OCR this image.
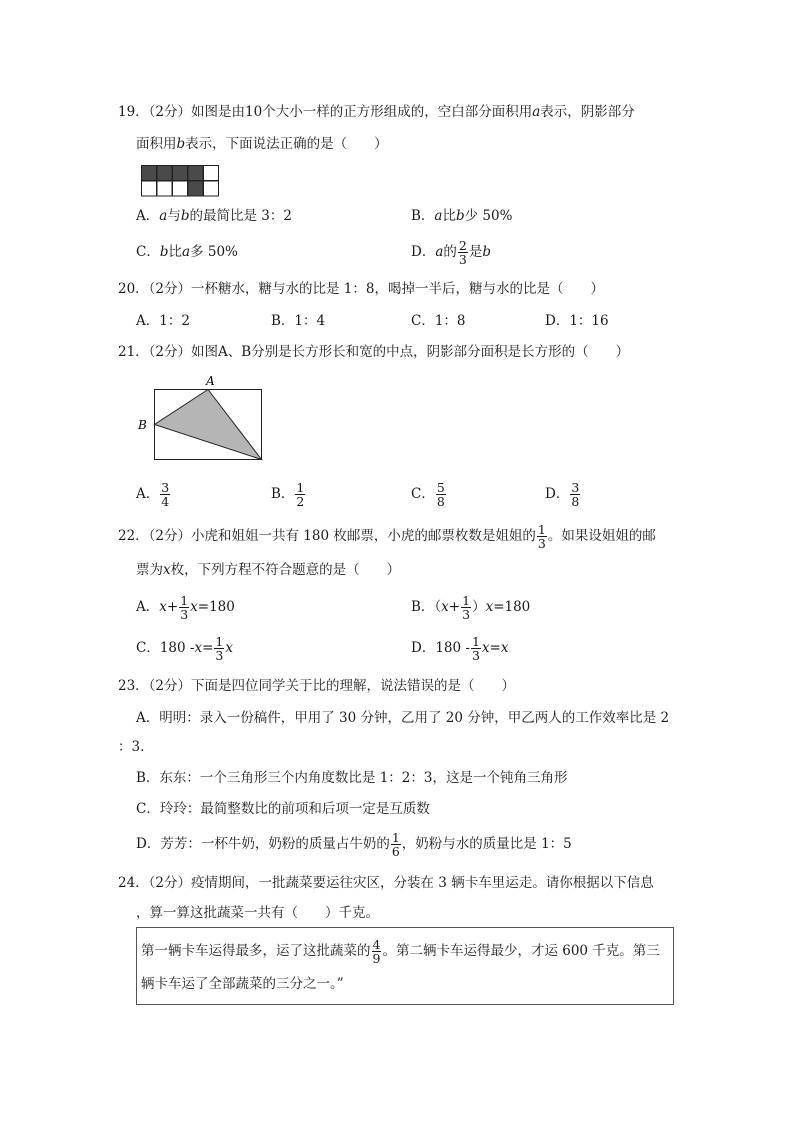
19．（2分）如图是由10个大小一样的正方形组成的，空白部分面积用a表示，阴影部分
面积用b表示，下面说法正确的是（　　）
A．a与b的最简比是 3：2	B．a比b少 50%
C．b比a多 50%	D．a的 $\frac{2}{3}$ 是b
20．（2分）一杯糖水，糖与水的比是 1：8，喝掉一半后，糖与水的比是（　　）
A．1：2	B．1：4	C．1：8	D．1：16
21．（2分）如图A、B分别是长方形长和宽的中点，阴影部分面积是长方形的（　　）
A
B
A． $\frac{3}{4}$	B． $\frac{1}{2}$	C． $\frac{5}{8}$	D． $\frac{3}{8}$
22．（2分）小虎和姐姐一共有 180 枚邮票，小虎的邮票枚数是姐姐的 $\frac{1}{3}$ 。如果设姐姐的邮
票为x枚，下列方程不符合题意的是（　　）
A．$x+ \frac{1}{3} x=180$	B．$(x+ \frac{1}{3} )x=180$
C．180 $-x= \frac{1}{3}$ x	D．$180 - \frac{1}{3} x=x$
23．（2分）下面是四位同学关于比的理解，说法错误的是（　　）
A．明明：录入一份稿件，甲用了 30 分钟，乙用了 20 分钟，甲乙两人的工作效率比是 2
：3.
B．东东：一个三角形三个内角度数比是 1：2：3，这是一个钝角三角形
C．玲玲：最简整数比的前项和后项一定是互质数
D．芳芳：一杯牛奶，奶粉的质量占牛奶的 $\frac{1}{6}$ ，奶粉与水的质量比是 1：5
24．（2分）疫情期间，一批蔬菜要运往灾区，分装在 3 辆卡车里运走。请你根据以下信息
，算一算这批蔬菜一共有（　　）千克。
第一辆卡车运得最多，运了这批蔬菜的 $\frac{4}{9}$ 。第二辆卡车运得最少，才运 600 千克。第三
辆卡车运了全部蔬菜的三分之一。”
